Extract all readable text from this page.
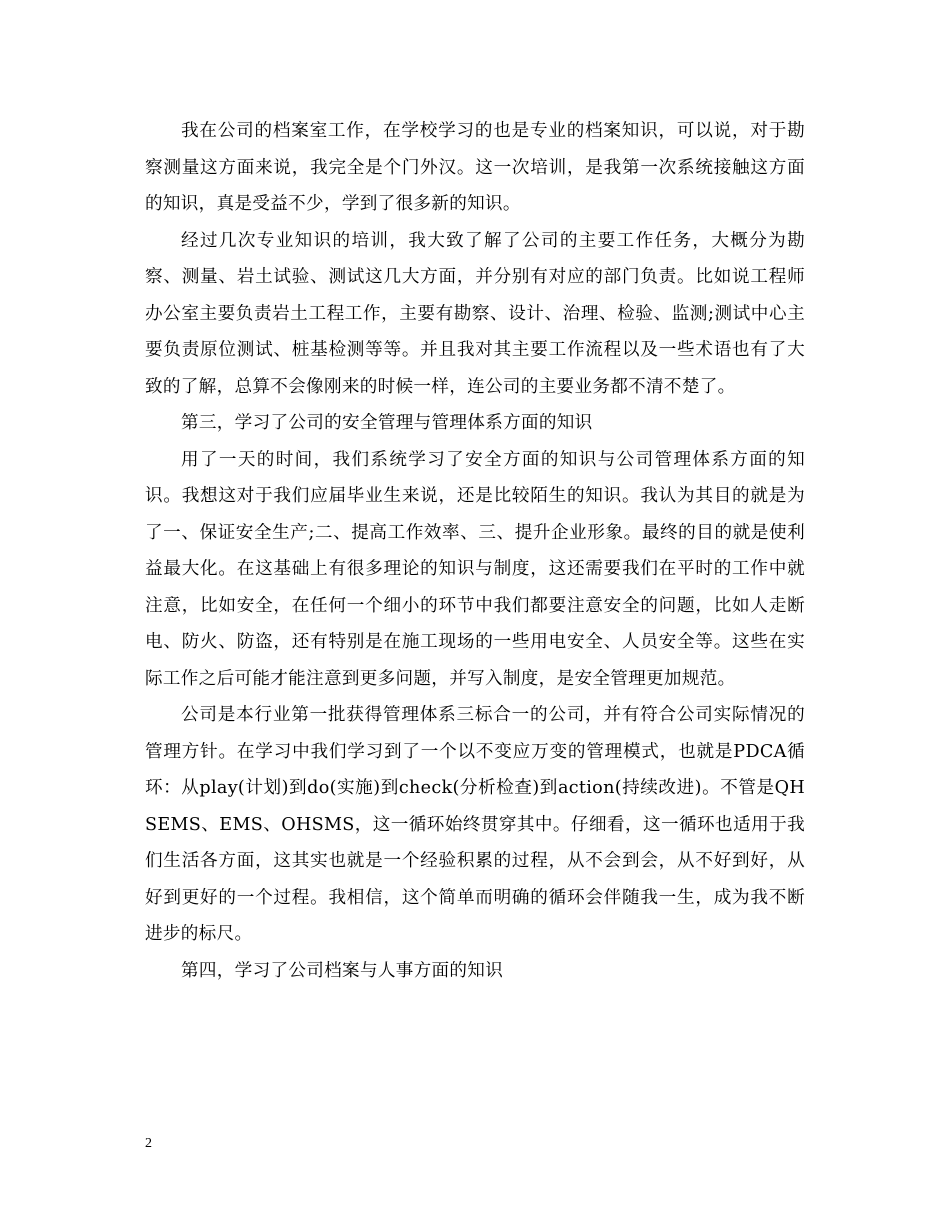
我在公司的档案室工作，在学校学习的也是专业的档案知识，可以说，对于勘察测量这方面来说，我完全是个门外汉。这一次培训，是我第一次系统接触这方面的知识，真是受益不少，学到了很多新的知识。

经过几次专业知识的培训，我大致了解了公司的主要工作任务，大概分为勘察、测量、岩土试验、测试这几大方面，并分别有对应的部门负责。比如说工程师办公室主要负责岩土工程工作，主要有勘察、设计、治理、检验、监测;测试中心主要负责原位测试、桩基检测等等。并且我对其主要工作流程以及一些术语也有了大致的了解，总算不会像刚来的时候一样，连公司的主要业务都不清不楚了。

第三，学习了公司的安全管理与管理体系方面的知识

用了一天的时间，我们系统学习了安全方面的知识与公司管理体系方面的知识。我想这对于我们应届毕业生来说，还是比较陌生的知识。我认为其目的就是为了一、保证安全生产;二、提高工作效率、三、提升企业形象。最终的目的就是使利益最大化。在这基础上有很多理论的知识与制度，这还需要我们在平时的工作中就注意，比如安全，在任何一个细小的环节中我们都要注意安全的问题，比如人走断电、防火、防盗，还有特别是在施工现场的一些用电安全、人员安全等。这些在实际工作之后可能才能注意到更多问题，并写入制度，是安全管理更加规范。

公司是本行业第一批获得管理体系三标合一的公司，并有符合公司实际情况的管理方针。在学习中我们学习到了一个以不变应万变的管理模式，也就是PDCA循环：从play(计划)到do(实施)到check(分析检查)到action(持续改进)。不管是QHSEMS、EMS、OHSMS，这一循环始终贯穿其中。仔细看，这一循环也适用于我们生活各方面，这其实也就是一个经验积累的过程，从不会到会，从不好到好，从好到更好的一个过程。我相信，这个简单而明确的循环会伴随我一生，成为我不断进步的标尺。

第四，学习了公司档案与人事方面的知识

2
